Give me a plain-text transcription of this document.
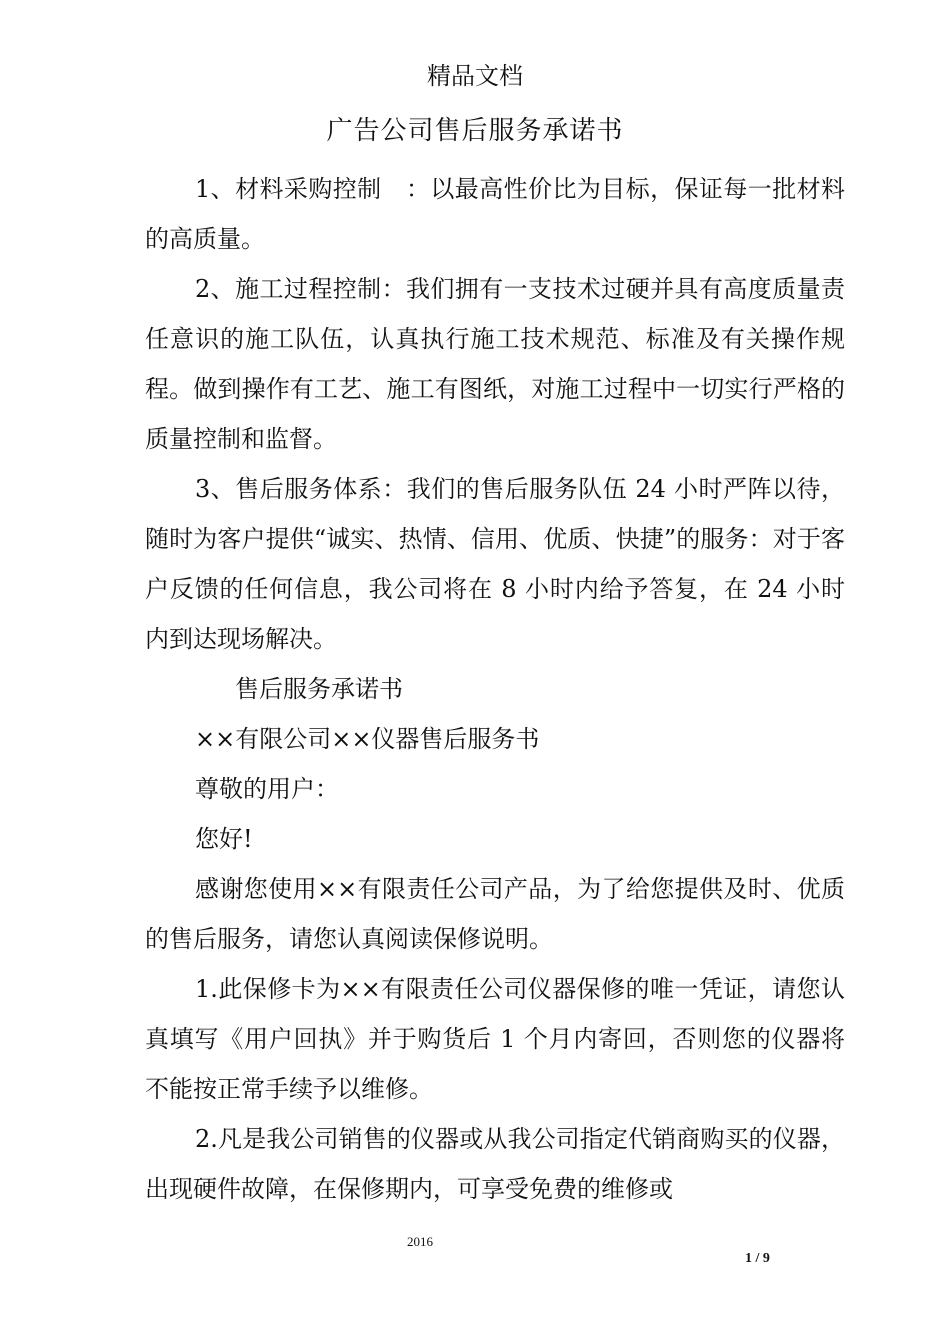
精品文档
广告公司售后服务承诺书

1、材料采购控制　：以最高性价比为目标，保证每一批材料的高质量。

2、施工过程控制：我们拥有一支技术过硬并具有高度质量责任意识的施工队伍，认真执行施工技术规范、标准及有关操作规程。做到操作有工艺、施工有图纸，对施工过程中一切实行严格的质量控制和监督。

3、售后服务体系：我们的售后服务队伍 24 小时严阵以待，随时为客户提供“诚实、热情、信用、优质、快捷”的服务：对于客户反馈的任何信息，我公司将在 8 小时内给予答复，在 24 小时内到达现场解决。

售后服务承诺书

××有限公司××仪器售后服务书

尊敬的用户：

您好!

感谢您使用××有限责任公司产品，为了给您提供及时、优质的售后服务，请您认真阅读保修说明。

1.此保修卡为××有限责任公司仪器保修的唯一凭证，请您认真填写《用户回执》并于购货后 1 个月内寄回，否则您的仪器将不能按正常手续予以维修。

2.凡是我公司销售的仪器或从我公司指定代销商购买的仪器，出现硬件故障，在保修期内，可享受免费的维修或

2016
1 / 9
